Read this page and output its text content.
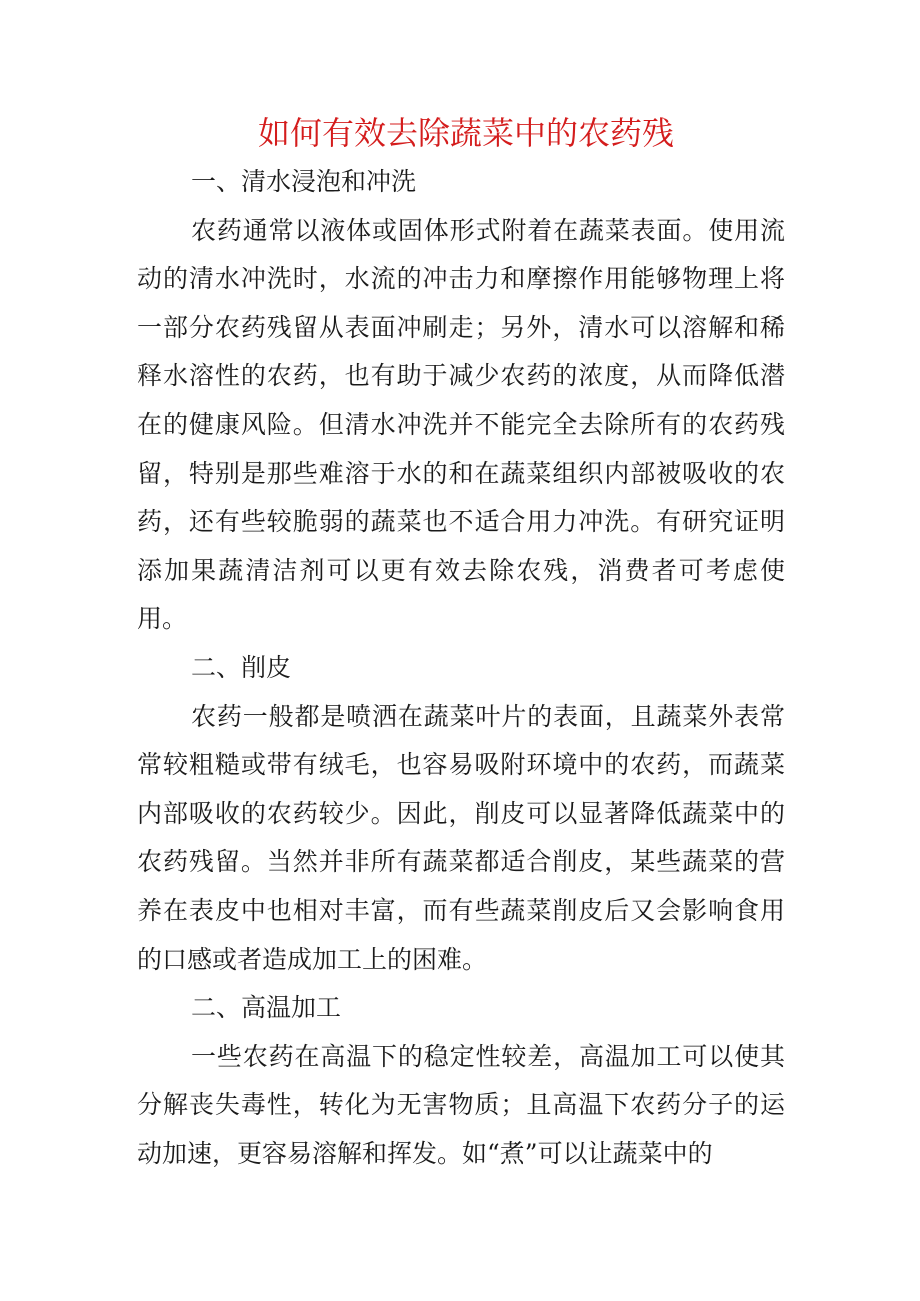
如何有效去除蔬菜中的农药残

一、清水浸泡和冲洗

农药通常以液体或固体形式附着在蔬菜表面。使用流动的清水冲洗时，水流的冲击力和摩擦作用能够物理上将一部分农药残留从表面冲刷走；另外，清水可以溶解和稀释水溶性的农药，也有助于减少农药的浓度，从而降低潜在的健康风险。但清水冲洗并不能完全去除所有的农药残留，特别是那些难溶于水的和在蔬菜组织内部被吸收的农药，还有些较脆弱的蔬菜也不适合用力冲洗。有研究证明添加果蔬清洁剂可以更有效去除农残，消费者可考虑使用。

二、削皮

农药一般都是喷洒在蔬菜叶片的表面，且蔬菜外表常常较粗糙或带有绒毛，也容易吸附环境中的农药，而蔬菜内部吸收的农药较少。因此，削皮可以显著降低蔬菜中的农药残留。当然并非所有蔬菜都适合削皮，某些蔬菜的营养在表皮中也相对丰富，而有些蔬菜削皮后又会影响食用的口感或者造成加工上的困难。

二、高温加工

一些农药在高温下的稳定性较差，高温加工可以使其分解丧失毒性，转化为无害物质；且高温下农药分子的运动加速，更容易溶解和挥发。如“煮”可以让蔬菜中的
